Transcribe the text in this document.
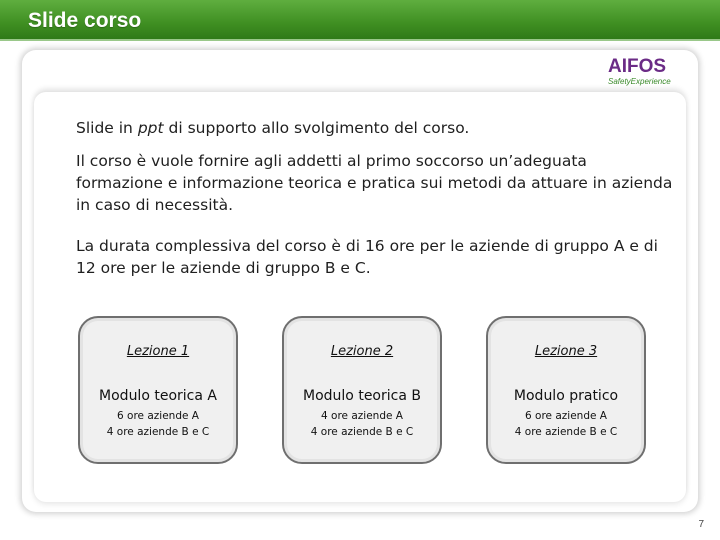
Slide corso
AIFOS
SafetyExperience

Slide in ppt di supporto allo svolgimento del corso.

Il corso è vuole fornire agli addetti al primo soccorso un’adeguata formazione e informazione teorica e pratica sui metodi da attuare in azienda in caso di necessità.

La durata complessiva del corso è di 16 ore per le aziende di gruppo A e di 12 ore per le aziende di gruppo B e C.

Lezione 1
Modulo teorica A
6 ore aziende A
4 ore aziende B e C
Lezione 2
Modulo teorica B
4 ore aziende A
4 ore aziende B e C
Lezione 3
Modulo pratico
6 ore aziende A
4 ore aziende B e C
7
